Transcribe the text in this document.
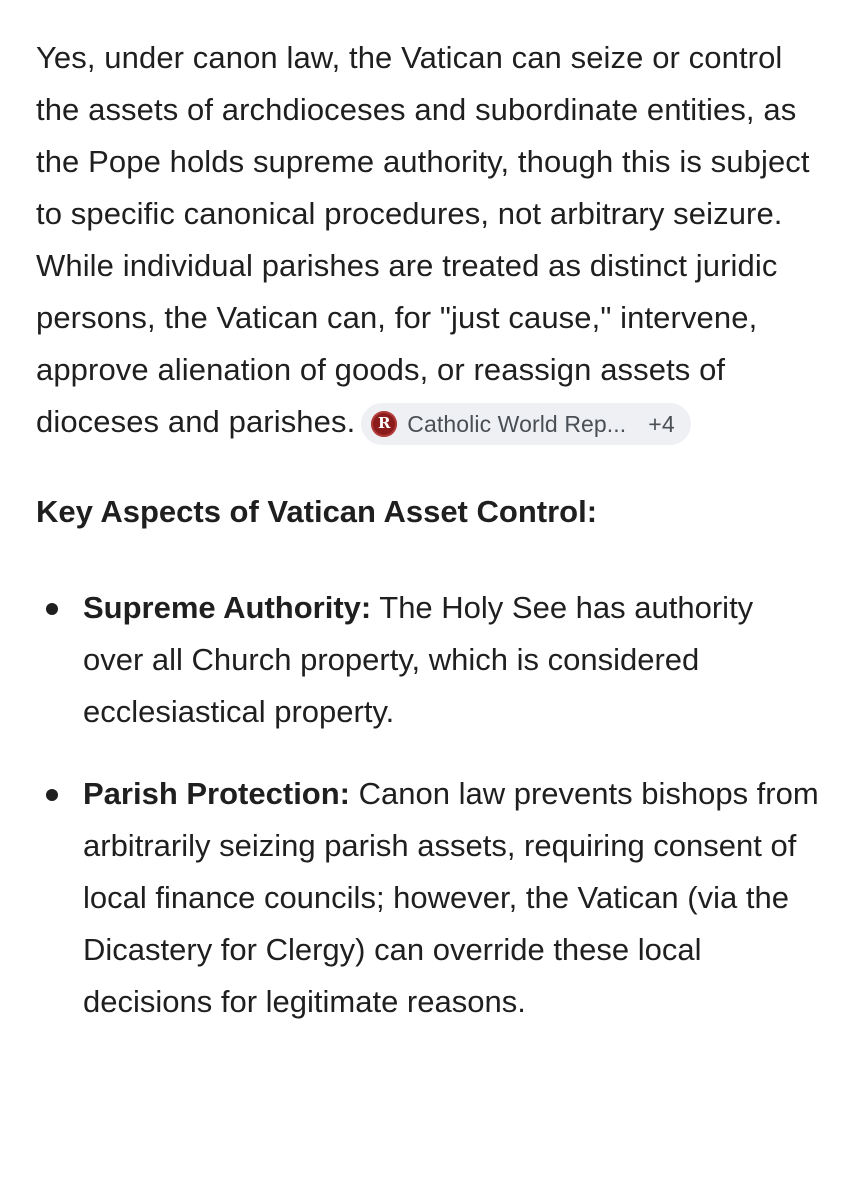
Yes, under canon law, the Vatican can seize or control the assets of archdioceses and subordinate entities, as the Pope holds supreme authority, though this is subject to specific canonical procedures, not arbitrary seizure. While individual parishes are treated as distinct juridic persons, the Vatican can, for "just cause," intervene, approve alienation of goods, or reassign assets of dioceses and parishes.	R Catholic World Rep... +4

Key Aspects of Vatican Asset Control:
Supreme Authority: The Holy See has authority over all Church property, which is considered ecclesiastical property.
Parish Protection: Canon law prevents bishops from arbitrarily seizing parish assets, requiring consent of local finance councils; however, the Vatican (via the Dicastery for Clergy) can override these local decisions for legitimate reasons.
